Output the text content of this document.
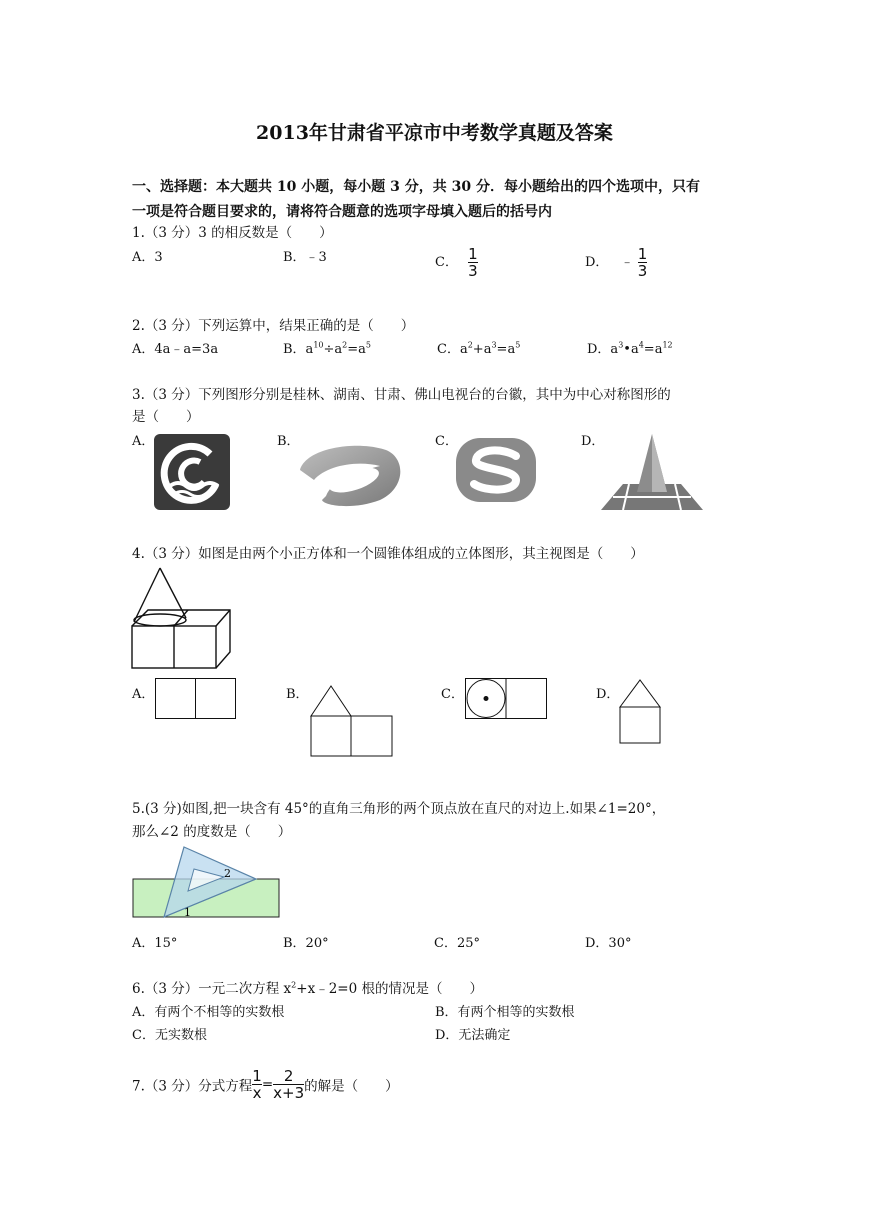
2013年甘肃省平凉市中考数学真题及答案
一、选择题：本大题共 10 小题，每小题 3 分，共 30 分．每小题给出的四个选项中，只有
一项是符合题目要求的，请将符合题意的选项字母填入题后的括号内
1.（3 分）3 的相反数是（　　）
A．3	B．﹣3	C． $\frac{1}{3}$	D． ﹣ $\frac{1}{3}$
2.（3 分）下列运算中，结果正确的是（　　）
A．4a﹣a=3a	B．$a^{10}\div a^2=a^5$	C．$a^2+a^3=a^5$	D．$a^3•a^4=a^{12}$
3.（3 分）下列图形分别是桂林、湖南、甘肃、佛山电视台的台徽，其中为中心对称图形的
是（　　）
A．	B．	C．	D．
4.（3 分）如图是由两个小正方体和一个圆锥体组成的立体图形，其主视图是（　　）
A．	B．	C．	D．
5.(3 分)如图,把一块含有 45°的直角三角形的两个顶点放在直尺的对边上.如果∠1=20°，
那么∠2 的度数是（　　）
2
1
A．15°	B．20°	C．25°	D．30°
6.（3 分）一元二次方程 $x^2+x﹣2=0$ 根的情况是（　　）
A．有两个不相等的实数根	B．有两个相等的实数根
C．无实数根	D．无法确定
7.（3 分）分式方程 $\frac{1}{x} = \frac{2}{x+3}$ 的解是（　　）
